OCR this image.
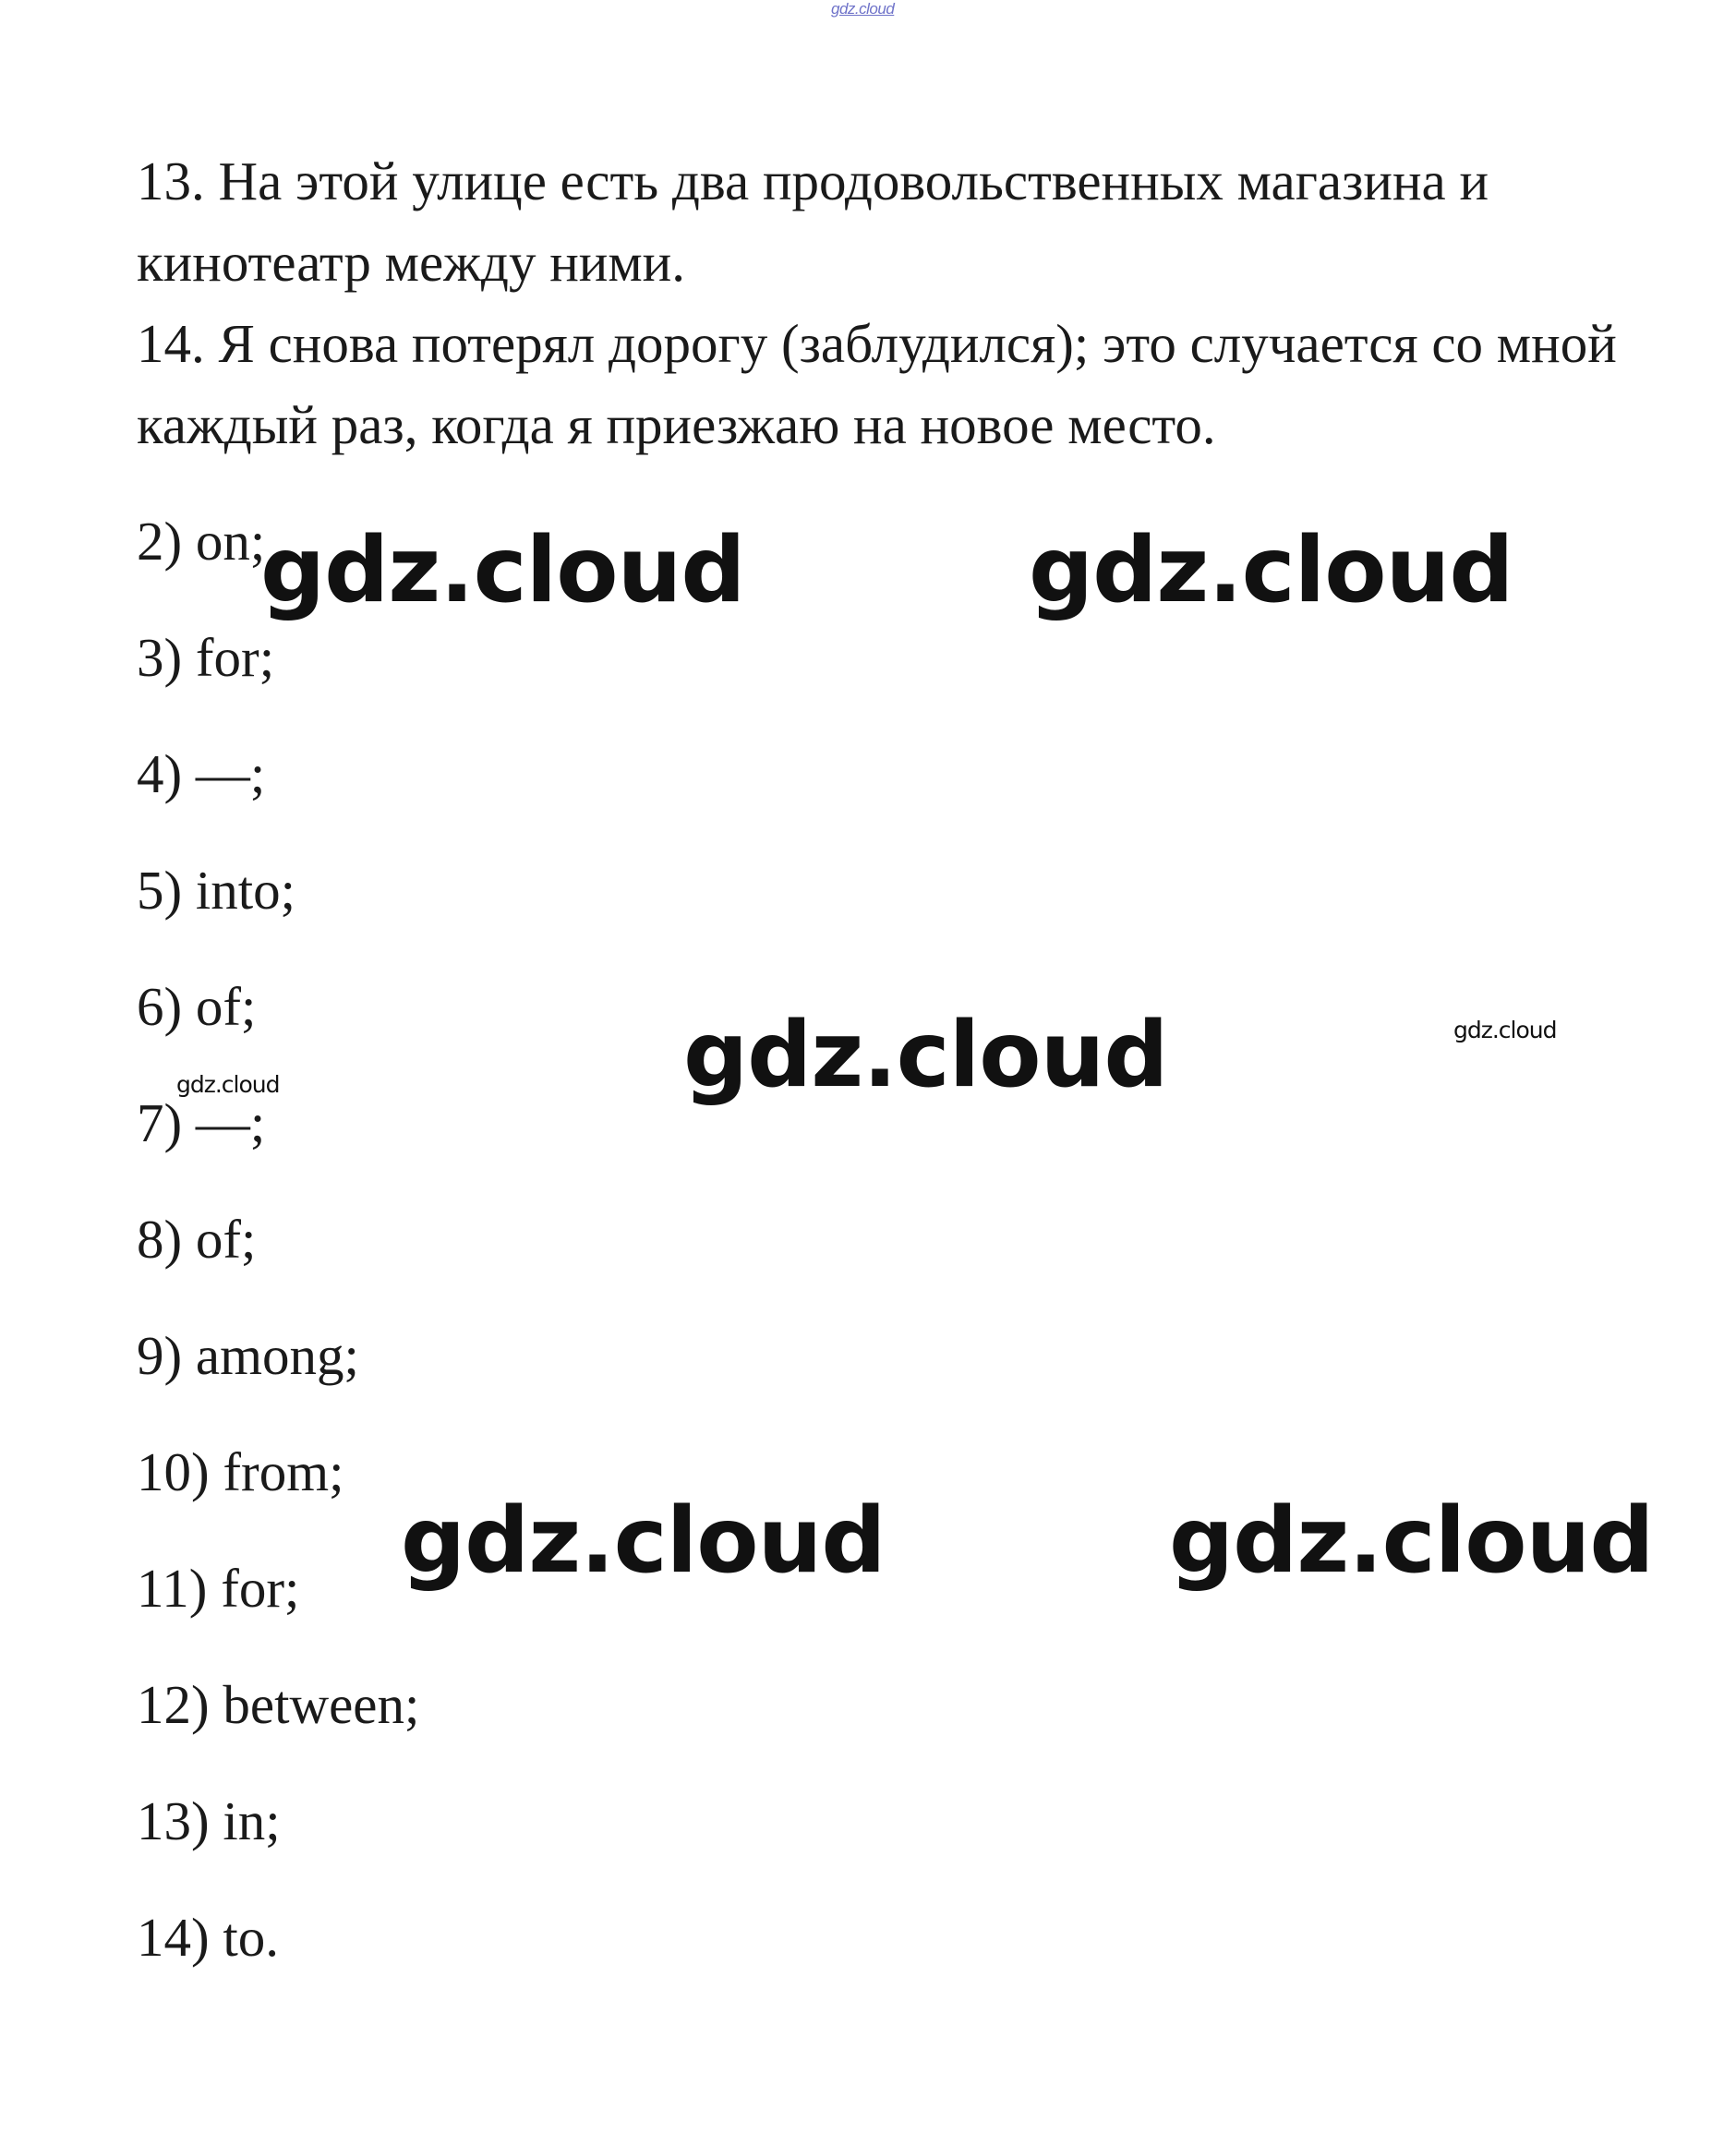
gdz.cloud

13. На этой улице есть два продовольственных магазина и кинотеатр между ними.

14. Я снова потерял дорогу (заблудился); это случается со мной каждый раз, когда я приезжаю на новое место.

2) on;
3) for;
4) —;
5) into;
6) of;
7) —;
8) of;
9) among;
10) from;
11) for;
12) between;
13) in;
14) to.
gdz.cloud	gdz.cloud
gdz.cloud
gdz.cloud	gdz.cloud
gdz.cloud
gdz.cloud
